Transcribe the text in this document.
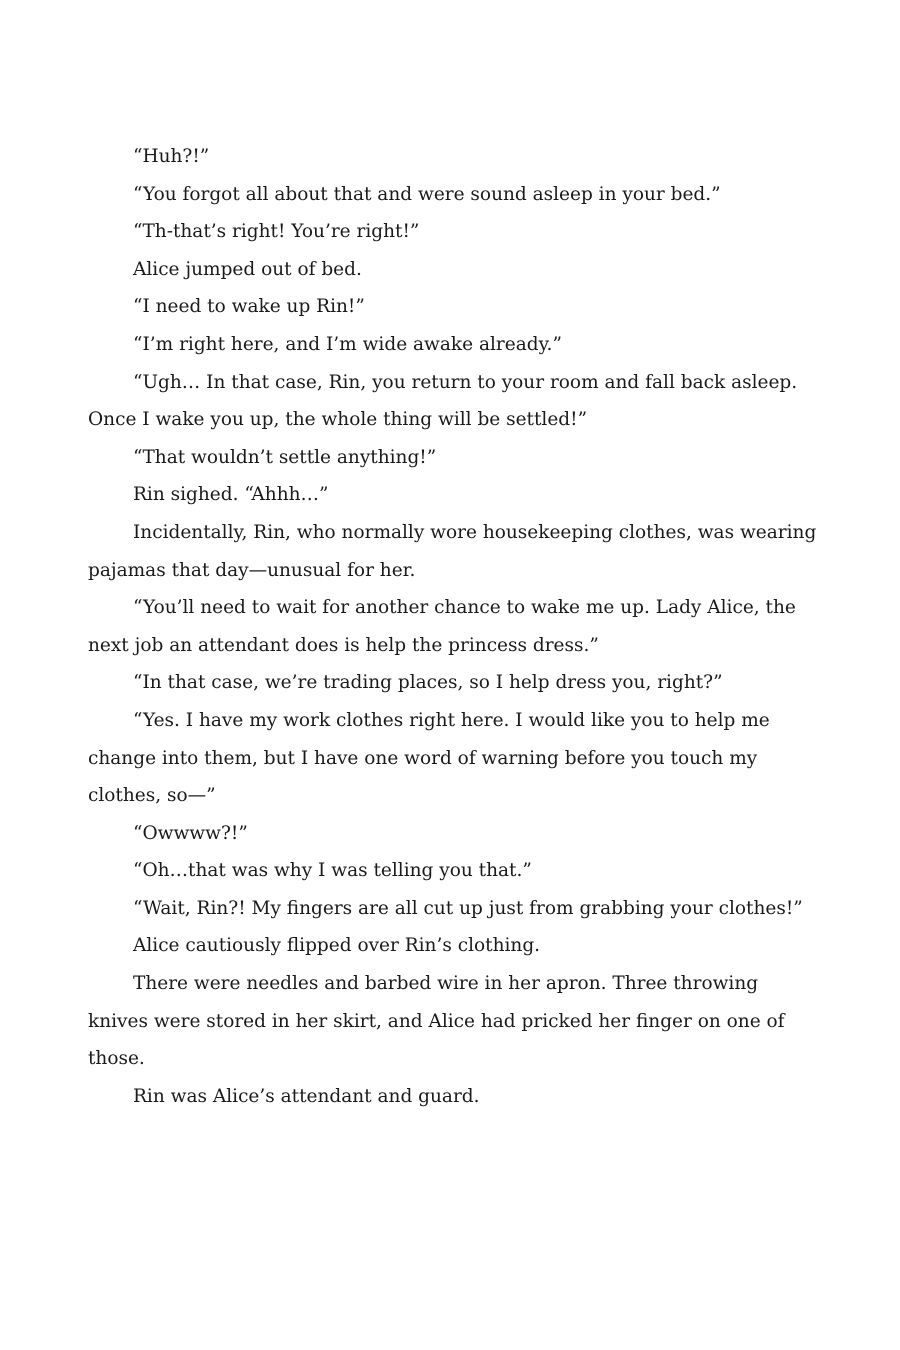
“Huh?!”

“You forgot all about that and were sound asleep in your bed.”

“Th-that’s right! You’re right!”

Alice jumped out of bed.

“I need to wake up Rin!”

“I’m right here, and I’m wide awake already.”

“Ugh… In that case, Rin, you return to your room and fall back asleep. Once I wake you up, the whole thing will be settled!”

“That wouldn’t settle anything!”

Rin sighed. “Ahhh…”

Incidentally, Rin, who normally wore housekeeping clothes, was wearing pajamas that day—unusual for her.

“You’ll need to wait for another chance to wake me up. Lady Alice, the next job an attendant does is help the princess dress.”

“In that case, we’re trading places, so I help dress you, right?”

“Yes. I have my work clothes right here. I would like you to help me change into them, but I have one word of warning before you touch my clothes, so—”

“Owwww?!”

“Oh…that was why I was telling you that.”

“Wait, Rin?! My fingers are all cut up just from grabbing your clothes!”

Alice cautiously flipped over Rin’s clothing.

There were needles and barbed wire in her apron. Three throwing knives were stored in her skirt, and Alice had pricked her finger on one of those.

Rin was Alice’s attendant and guard.
